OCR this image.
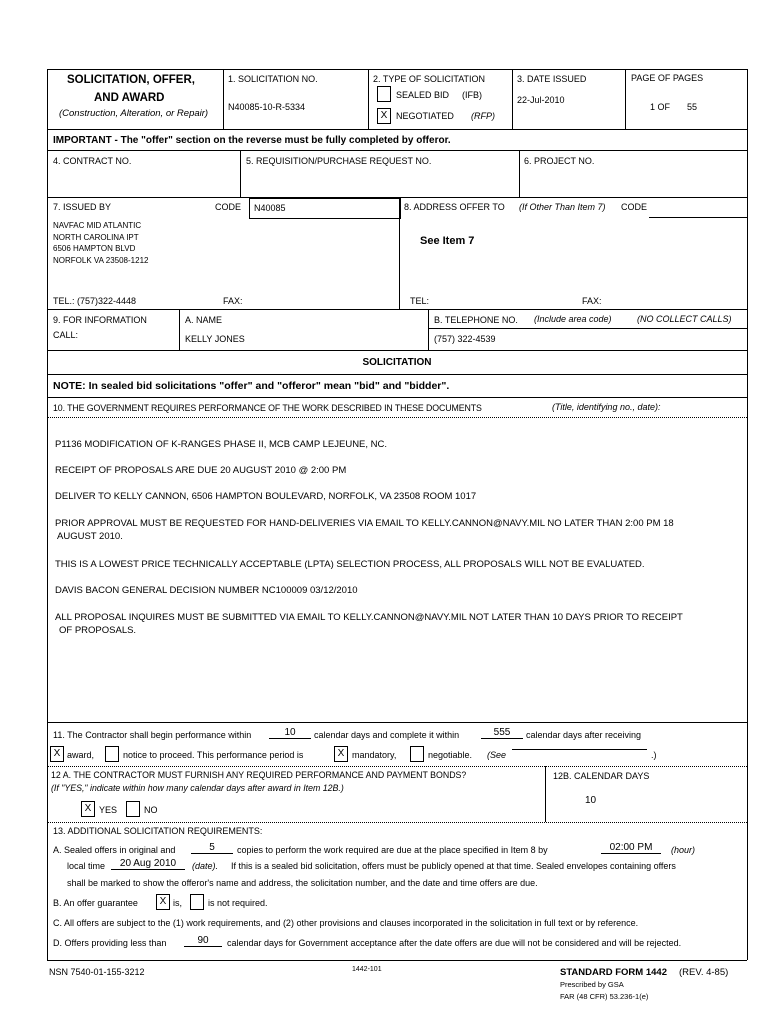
SOLICITATION, OFFER,
AND AWARD
(Construction, Alteration, or Repair)
1. SOLICITATION NO.
N40085-10-R-5334
2. TYPE OF SOLICITATION
SEALED BID (IFB)
X NEGOTIATED (RFP)
3. DATE ISSUED
22-Jul-2010
PAGE OF PAGES
1 OF 55
IMPORTANT - The "offer" section on the reverse must be fully completed by offeror.
4. CONTRACT NO.	5. REQUISITION/PURCHASE REQUEST NO.	6. PROJECT NO.
7. ISSUED BY	CODE N40085
NAVFAC MID ATLANTIC
NORTH CAROLINA IPT
6506 HAMPTON BLVD
NORFOLK VA 23508-1212
8. ADDRESS OFFER TO (If Other Than Item 7) CODE
See Item 7
TEL.: (757)322-4448	FAX:	TEL:	FAX:
9. FOR INFORMATION
CALL:
A. NAME
KELLY JONES
B. TELEPHONE NO. (Include area code)	(NO COLLECT CALLS)
(757) 322-4539
SOLICITATION
NOTE: In sealed bid solicitations "offer" and "offeror" mean "bid" and "bidder".
10. THE GOVERNMENT REQUIRES PERFORMANCE OF THE WORK DESCRIBED IN THESE DOCUMENTS	(Title, identifying no., date):
P1136 MODIFICATION OF K-RANGES PHASE II, MCB CAMP LEJEUNE, NC.
RECEIPT OF PROPOSALS ARE DUE 20 AUGUST 2010 @ 2:00 PM
DELIVER TO KELLY CANNON, 6506 HAMPTON BOULEVARD, NORFOLK, VA 23508 ROOM 1017
PRIOR APPROVAL MUST BE REQUESTED FOR HAND-DELIVERIES VIA EMAIL TO KELLY.CANNON@NAVY.MIL NO LATER THAN 2:00 PM 18
AUGUST 2010.
THIS IS A LOWEST PRICE TECHNICALLY ACCEPTABLE (LPTA) SELECTION PROCESS, ALL PROPOSALS WILL NOT BE EVALUATED.
DAVIS BACON GENERAL DECISION NUMBER NC100009 03/12/2010
ALL PROPOSAL INQUIRES MUST BE SUBMITTED VIA EMAIL TO KELLY.CANNON@NAVY.MIL NOT LATER THAN 10 DAYS PRIOR TO RECEIPT
OF PROPOSALS.
11. The Contractor shall begin performance within	10	calendar days and complete it within	555	calendar days after receiving
X award,	notice to proceed. This performance period is	X mandatory,	negotiable. (See	.)
12 A. THE CONTRACTOR MUST FURNISH ANY REQUIRED PERFORMANCE AND PAYMENT BONDS?
(If "YES," indicate within how many calendar days after award in Item 12B.)
X YES	NO
12B. CALENDAR DAYS
10
13. ADDITIONAL SOLICITATION REQUIREMENTS:
A. Sealed offers in original and	5	copies to perform the work required are due at the place specified in Item 8 by	02:00 PM	(hour)
local time	20 Aug 2010	(date). If this is a sealed bid solicitation, offers must be publicly opened at that time. Sealed envelopes containing offers
shall be marked to show the offeror's name and address, the solicitation number, and the date and time offers are due.
B. An offer guarantee	X is,	is not required.
C. All offers are subject to the (1) work requirements, and (2) other provisions and clauses incorporated in the solicitation in full text or by reference.
D. Offers providing less than	90	calendar days for Government acceptance after the date offers are due will not be considered and will be rejected.
NSN 7540-01-155-3212	1442-101	STANDARD FORM 1442 (REV. 4-85)
Prescribed by GSA
FAR (48 CFR) 53.236-1(e)
